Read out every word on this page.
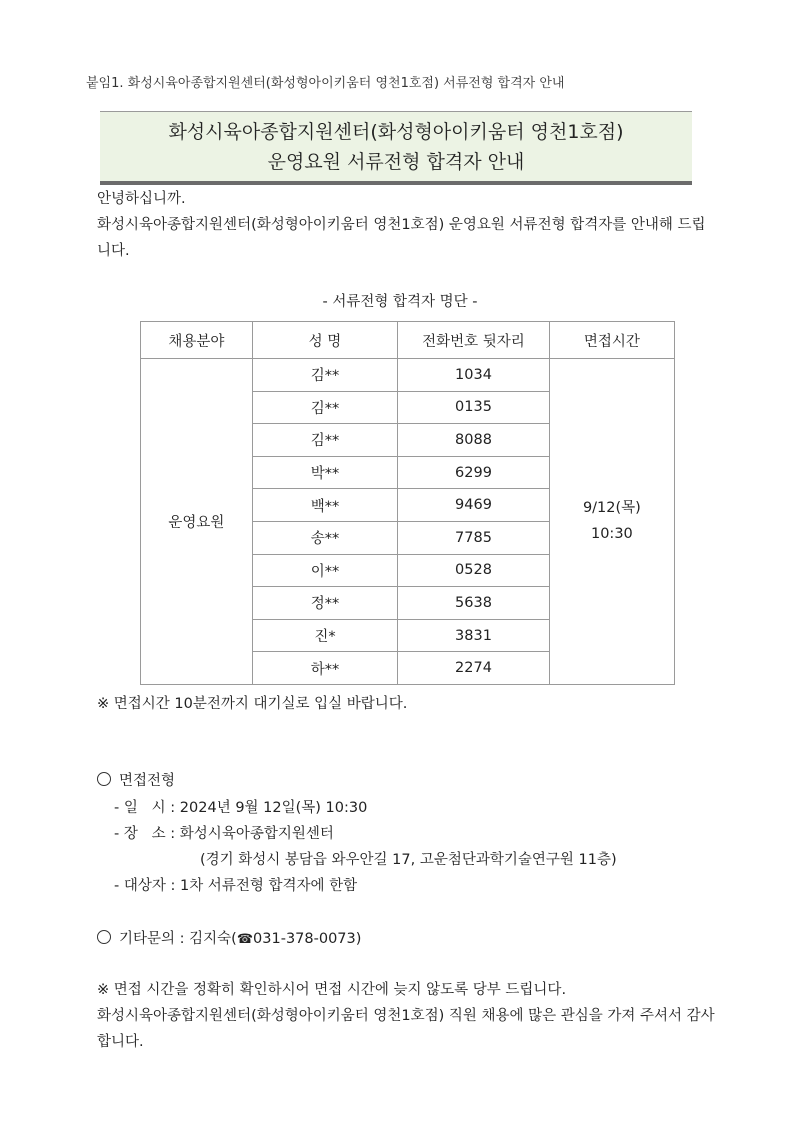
붙임1. 화성시육아종합지원센터(화성형아이키움터 영천1호점) 서류전형 합격자 안내
화성시육아종합지원센터(화성형아이키움터 영천1호점)
운영요원 서류전형 합격자 안내
안녕하십니까.
화성시육아종합지원센터(화성형아이키움터 영천1호점) 운영요원 서류전형 합격자를 안내해 드립니다.
- 서류전형 합격자 명단 -
채용분야	성 명	전화번호 뒷자리	면접시간
운영요원	김**	1034	9/12(목)
10:30

	김**	0135	
	김**	8088	
	박**	6299	
	백**	9469	
	송**	7785	
	이**	0528	
	정**	5638	
	진*	3831	
	하**	2274	
※ 면접시간 10분전까지 대기실로 입실 바랍니다.
면접전형
- 일   시 : 2024년 9월 12일(목) 10:30
- 장   소 : 화성시육아종합지원센터
(경기 화성시 봉담읍 와우안길 17, 고운첨단과학기술연구원 11층)
- 대상자 : 1차 서류전형 합격자에 한함
기타문의 : 김지숙(☎031-378-0073)
※ 면접 시간을 정확히 확인하시어 면접 시간에 늦지 않도록 당부 드립니다.
화성시육아종합지원센터(화성형아이키움터 영천1호점) 직원 채용에 많은 관심을 가져 주셔서 감사합니다.
